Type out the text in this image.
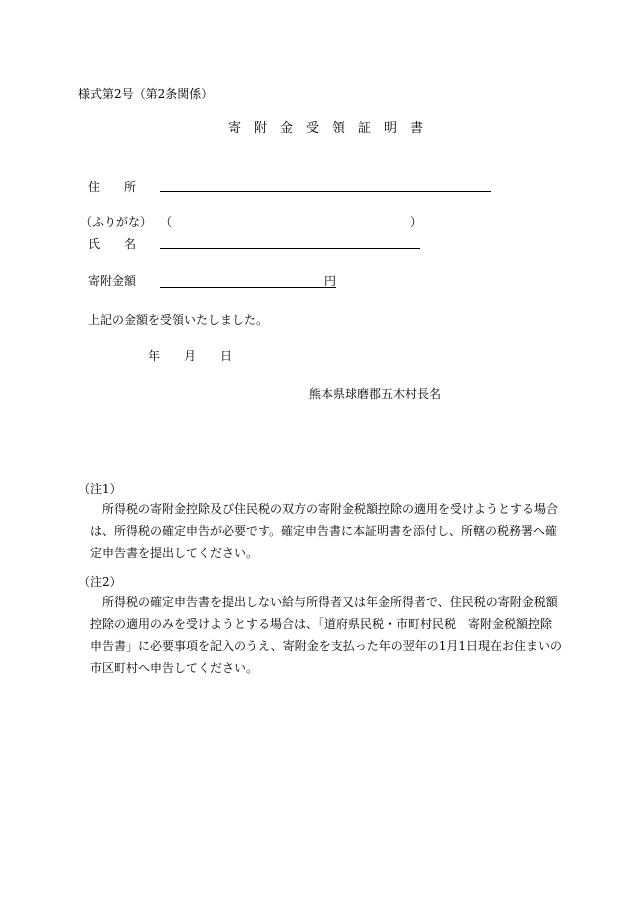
様式第2号（第2条関係）
寄　附　金　受　領　証　明　書
住　　所
（ふりがな） （	）
氏　　名
寄附金額	円
上記の金額を受領いたしました。
年 月 日
熊本県球磨郡五木村長名
（注1）

所得税の寄附金控除及び住民税の双方の寄附金税額控除の適用を受けようとする場合

は、所得税の確定申告が必要です。確定申告書に本証明書を添付し、所轄の税務署へ確

定申告書を提出してください。

（注2）

所得税の確定申告書を提出しない給与所得者又は年金所得者で、住民税の寄附金税額

控除の適用のみを受けようとする場合は、「道府県民税・市町村民税　寄附金税額控除

申告書」に必要事項を記入のうえ、寄附金を支払った年の翌年の1月1日現在お住まいの

市区町村へ申告してください。
